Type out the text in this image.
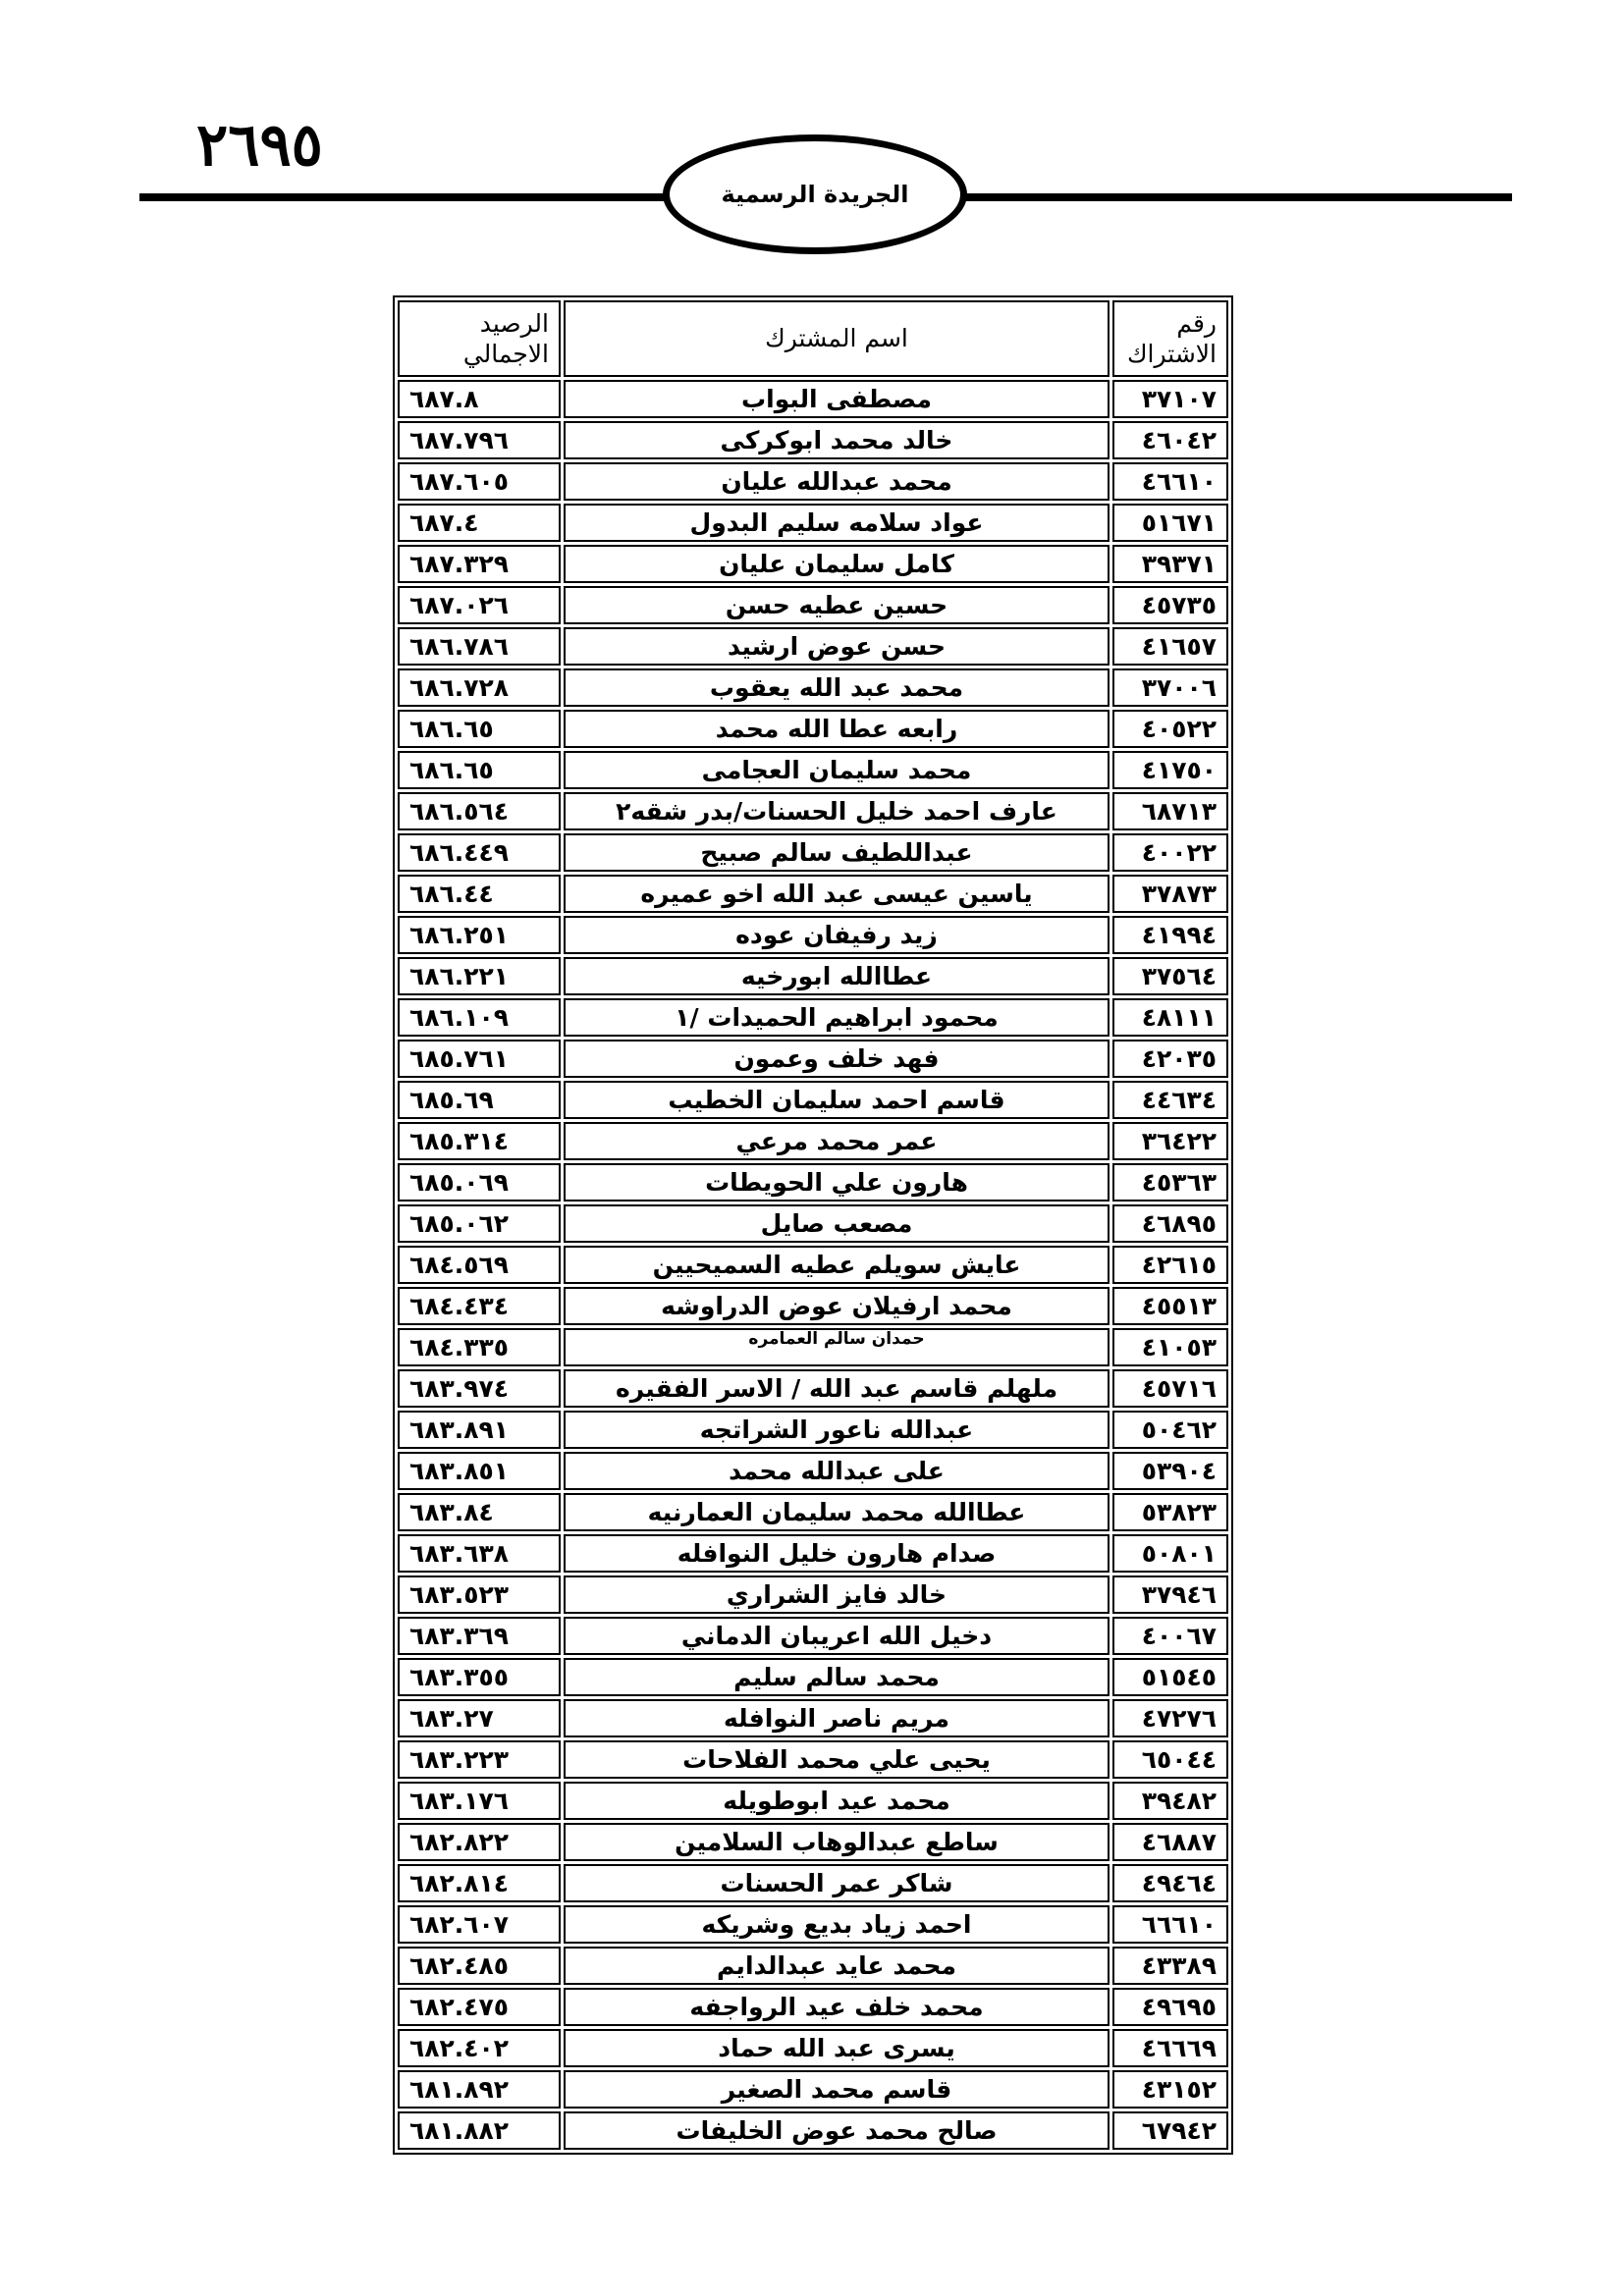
٢٦٩٥
الجريدة الرسمية
رقم الاشتراك	اسم المشترك	الرصيد الاجمالي
٣٧١٠٧	مصطفى البواب	٦٨٧.٨
٤٦٠٤٢	خالد محمد ابوكركى	٦٨٧.٧٩٦
٤٦٦١٠	محمد عبدالله عليان	٦٨٧.٦٠٥
٥١٦٧١	عواد سلامه سليم البدول	٦٨٧.٤
٣٩٣٧١	كامل سليمان عليان	٦٨٧.٣٢٩
٤٥٧٣٥	حسين عطيه حسن	٦٨٧.٠٢٦
٤١٦٥٧	حسن عوض ارشيد	٦٨٦.٧٨٦
٣٧٠٠٦	محمد عبد الله يعقوب	٦٨٦.٧٢٨
٤٠٥٢٢	رابعه عطا الله محمد	٦٨٦.٦٥
٤١٧٥٠	محمد سليمان العجامى	٦٨٦.٦٥
٦٨٧١٣	عارف احمد خليل الحسنات/بدر شقه٢	٦٨٦.٥٦٤
٤٠٠٢٢	عبداللطيف سالم صبيح	٦٨٦.٤٤٩
٣٧٨٧٣	ياسين عيسى عبد الله اخو عميره	٦٨٦.٤٤
٤١٩٩٤	زيد رفيفان عوده	٦٨٦.٢٥١
٣٧٥٦٤	عطاالله ابورخيه	٦٨٦.٢٢١
٤٨١١١	محمود ابراهيم الحميدات /١	٦٨٦.١٠٩
٤٢٠٣٥	فهد خلف وعمون	٦٨٥.٧٦١
٤٤٦٣٤	قاسم احمد سليمان الخطيب	٦٨٥.٦٩
٣٦٤٢٢	عمر محمد مرعي	٦٨٥.٣١٤
٤٥٣٦٣	هارون علي الحويطات	٦٨٥.٠٦٩
٤٦٨٩٥	مصعب صايل	٦٨٥.٠٦٢
٤٢٦١٥	عايش سويلم عطيه السميحيين	٦٨٤.٥٦٩
٤٥٥١٣	محمد ارفيلان عوض الدراوشه	٦٨٤.٤٣٤
٤١٠٥٣	حمدان سالم العمامره	٦٨٤.٣٣٥
٤٥٧١٦	ملهلم قاسم عبد الله / الاسر الفقيره	٦٨٣.٩٧٤
٥٠٤٦٢	عبدالله ناعور الشراتجه	٦٨٣.٨٩١
٥٣٩٠٤	على عبدالله محمد	٦٨٣.٨٥١
٥٣٨٢٣	عطاالله محمد سليمان العمارنيه	٦٨٣.٨٤
٥٠٨٠١	صدام هارون خليل النوافله	٦٨٣.٦٣٨
٣٧٩٤٦	خالد فايز الشراري	٦٨٣.٥٢٣
٤٠٠٦٧	دخيل الله اعريبان الدماني	٦٨٣.٣٦٩
٥١٥٤٥	محمد سالم سليم	٦٨٣.٣٥٥
٤٧٢٧٦	مريم ناصر النوافله	٦٨٣.٢٧
٦٥٠٤٤	يحيى علي محمد الفلاحات	٦٨٣.٢٢٣
٣٩٤٨٢	محمد عيد ابوطويله	٦٨٣.١٧٦
٤٦٨٨٧	ساطع عبدالوهاب السلامين	٦٨٢.٨٢٢
٤٩٤٦٤	شاكر عمر الحسنات	٦٨٢.٨١٤
٦٦٦١٠	احمد زياد بديع وشريكه	٦٨٢.٦٠٧
٤٣٣٨٩	محمد عايد عبدالدايم	٦٨٢.٤٨٥
٤٩٦٩٥	محمد خلف عيد الرواجفه	٦٨٢.٤٧٥
٤٦٦٦٩	يسرى عبد الله حماد	٦٨٢.٤٠٢
٤٣١٥٢	قاسم محمد الصغير	٦٨١.٨٩٢
٦٧٩٤٢	صالح محمد عوض الخليفات	٦٨١.٨٨٢
